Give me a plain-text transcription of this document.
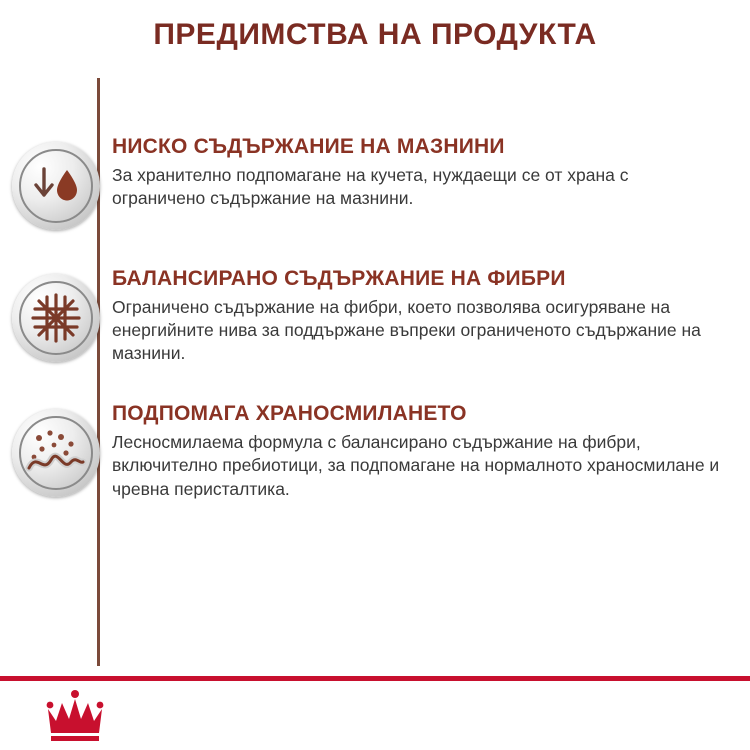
ПРЕДИМСТВА НА ПРОДУКТА

НИСКО СЪДЪРЖАНИЕ НА МАЗНИНИ

За хранително подпомагане на кучета, нуждаещи се от храна с ограничено съдържание на мазнини.

БАЛАНСИРАНО СЪДЪРЖАНИЕ НА ФИБРИ

Ограничено съдържание на фибри, което позволява осигуряване на енергийните нива за поддържане въпреки ограниченото съдържание на мазнини.

ПОДПОМАГА ХРАНОСМИЛАНЕТО

Лесносмилаема формула с балансирано съдържание на фибри, включително пребиотици, за подпомагане на нормалното храносмилане и чревна перисталтика.
